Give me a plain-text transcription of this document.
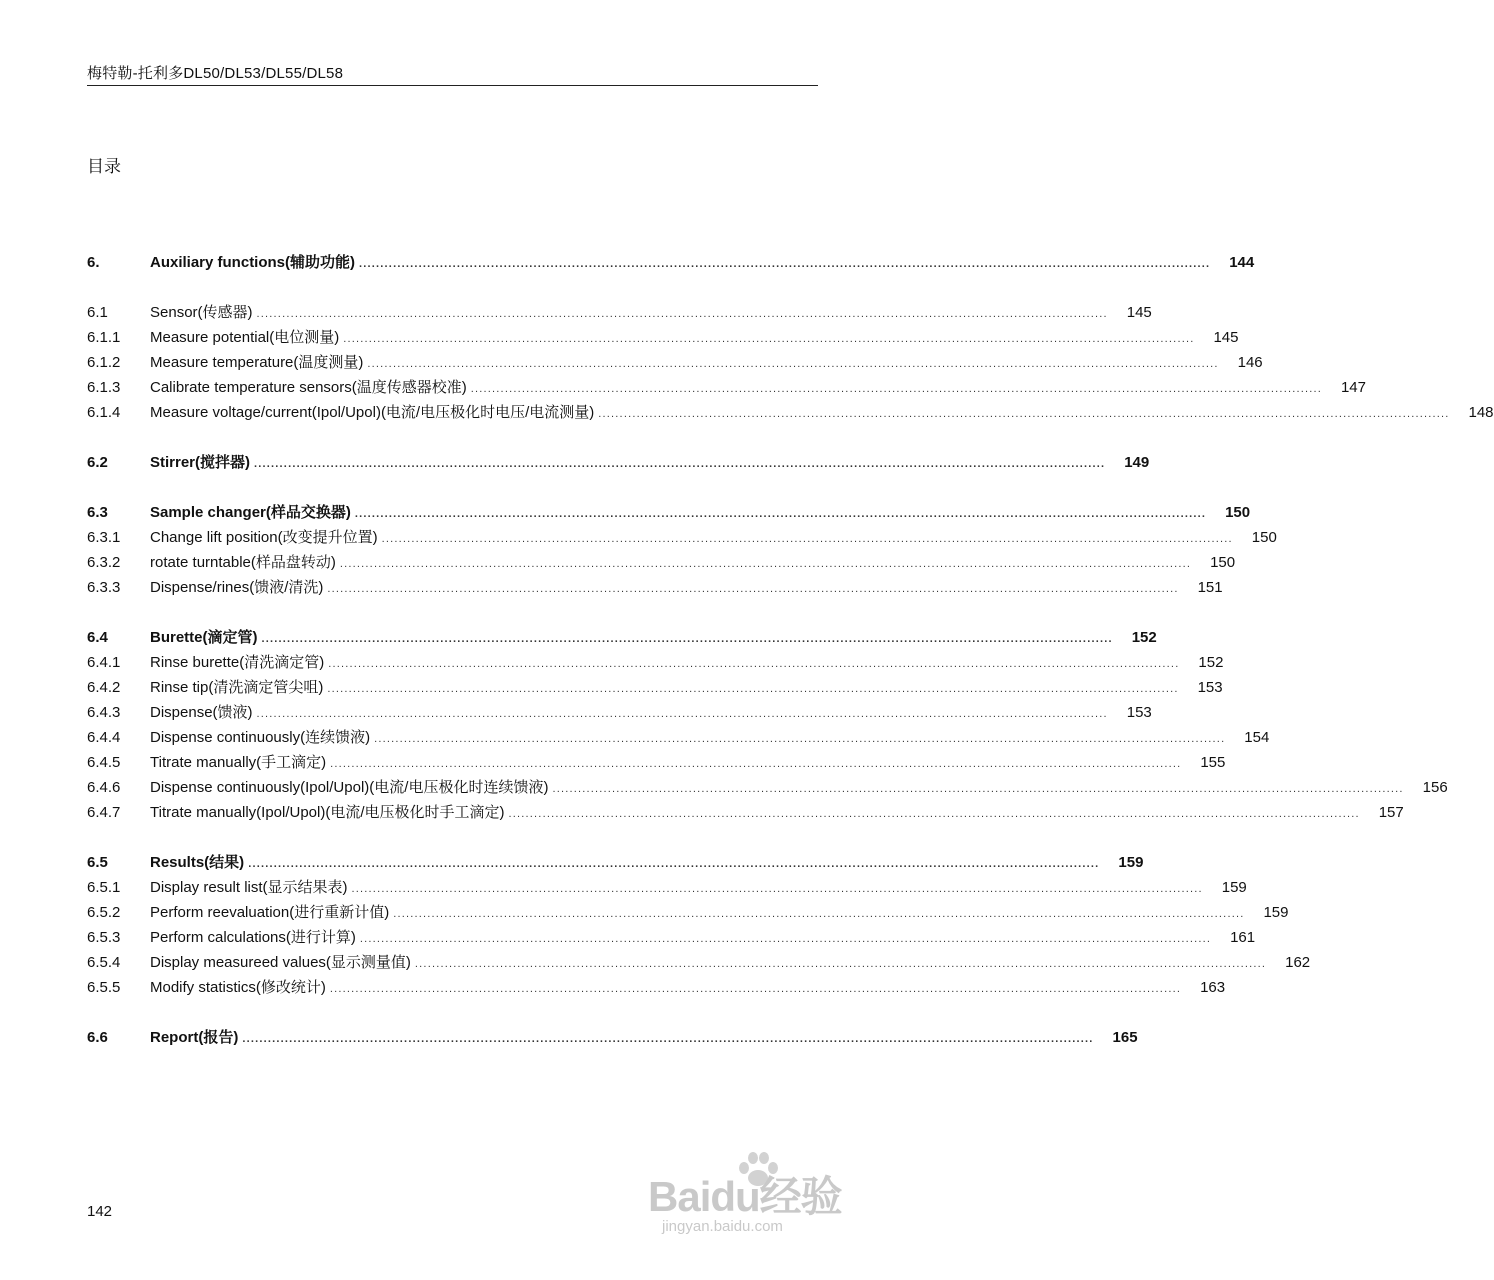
梅特勒-托利多DL50/DL53/DL55/DL58
目录
6.	Auxiliary functions(辅助功能) ........................................................................................................................................................................................................	144
6.1	Sensor(传感器) ........................................................................................................................................................................................................	145
6.1.1	Measure potential(电位测量) ........................................................................................................................................................................................................	145
6.1.2	Measure temperature(温度测量) ........................................................................................................................................................................................................	146
6.1.3	Calibrate temperature sensors(温度传感器校准) ........................................................................................................................................................................................................	147
6.1.4	Measure voltage/current(Ipol/Upol)(电流/电压极化时电压/电流测量) ........................................................................................................................................................................................................	148
6.2	Stirrer(搅拌器) ........................................................................................................................................................................................................	149
6.3	Sample changer(样品交换器) ........................................................................................................................................................................................................	150
6.3.1	Change lift position(改变提升位置) ........................................................................................................................................................................................................	150
6.3.2	rotate turntable(样品盘转动) ........................................................................................................................................................................................................	150
6.3.3	Dispense/rines(馈液/清洗) ........................................................................................................................................................................................................	151
6.4	Burette(滴定管) ........................................................................................................................................................................................................	152
6.4.1	Rinse burette(清洗滴定管) ........................................................................................................................................................................................................	152
6.4.2	Rinse tip(清洗滴定管尖咀) ........................................................................................................................................................................................................	153
6.4.3	Dispense(馈液) ........................................................................................................................................................................................................	153
6.4.4	Dispense continuously(连续馈液) ........................................................................................................................................................................................................	154
6.4.5	Titrate manually(手工滴定) ........................................................................................................................................................................................................	155
6.4.6	Dispense continuously(Ipol/Upol)(电流/电压极化时连续馈液) ........................................................................................................................................................................................................	156
6.4.7	Titrate manually(Ipol/Upol)(电流/电压极化时手工滴定) ........................................................................................................................................................................................................	157
6.5	Results(结果) ........................................................................................................................................................................................................	159
6.5.1	Display result list(显示结果表) ........................................................................................................................................................................................................	159
6.5.2	Perform reevaluation(进行重新计值) ........................................................................................................................................................................................................	159
6.5.3	Perform calculations(进行计算) ........................................................................................................................................................................................................	161
6.5.4	Display measureed values(显示测量值) ........................................................................................................................................................................................................	162
6.5.5	Modify statistics(修改统计) ........................................................................................................................................................................................................	163
6.6	Report(报告) ........................................................................................................................................................................................................	165
142	Baidu经验
jingyan.baidu.com
